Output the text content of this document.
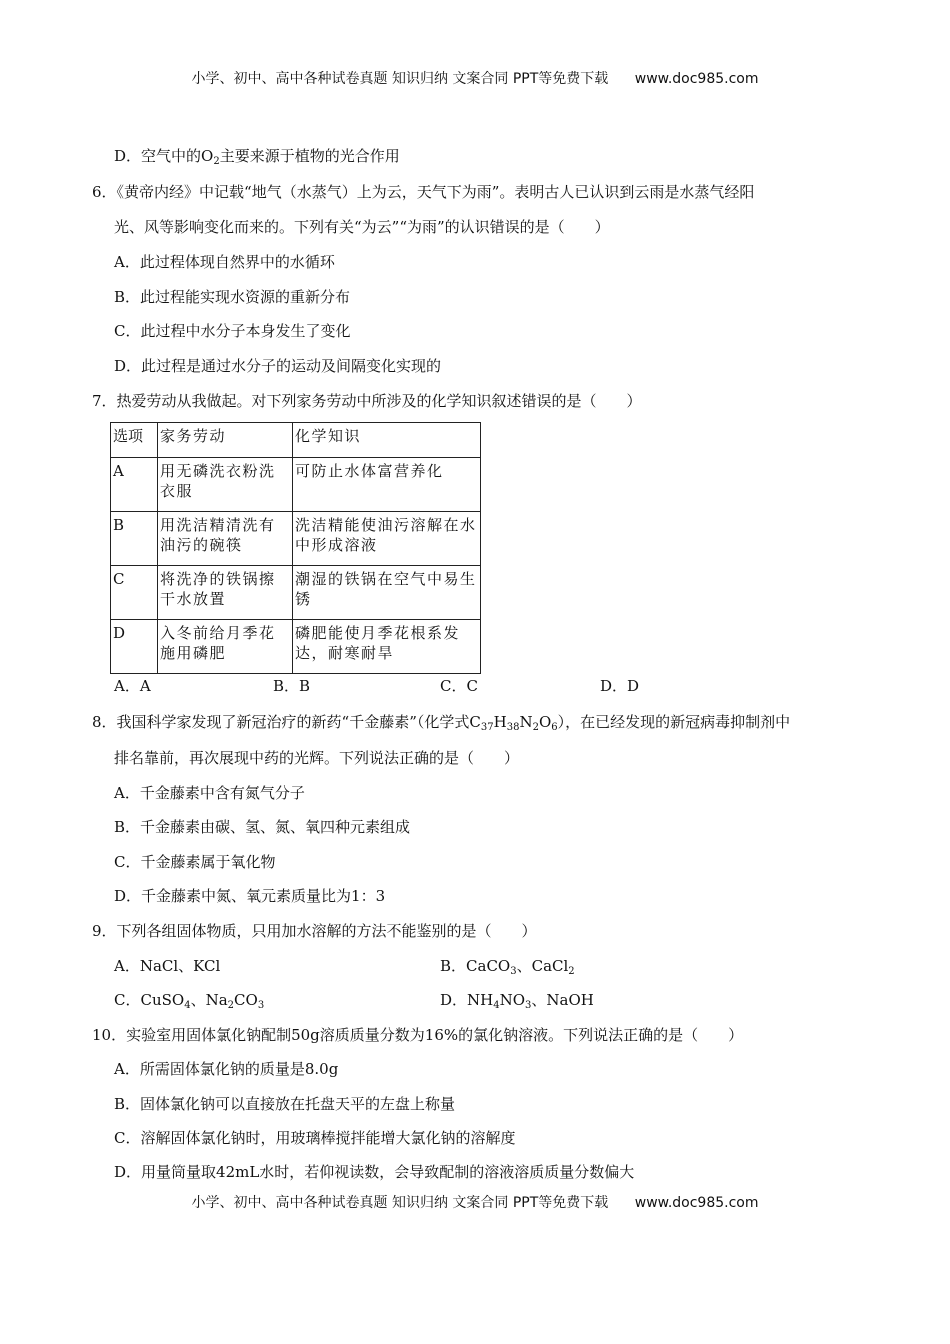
小学、初中、高中各种试卷真题 知识归纳 文案合同 PPT等免费下载 www.doc985.com
D．空气中的$O_2$主要来源于植物的光合作用
6．《黄帝内经》中记载“地气（水蒸气）上为云，天气下为雨”。表明古人已认识到云雨是水蒸气经阳
光、风等影响变化而来的。下列有关“为云”“为雨”的认识错误的是（　　）
A．此过程体现自然界中的水循环
B．此过程能实现水资源的重新分布
C．此过程中水分子本身发生了变化
D．此过程是通过水分子的运动及间隔变化实现的
7．热爱劳动从我做起。对下列家务劳动中所涉及的化学知识叙述错误的是（　　）
选项	家务劳动	化学知识
A	用无磷洗衣粉洗衣服	可防止水体富营养化
B	用洗洁精清洗有油污的碗筷	洗洁精能使油污溶解在水中形成溶液
C	将洗净的铁锅擦干水放置	潮湿的铁锅在空气中易生锈
D	入冬前给月季花施用磷肥	磷肥能使月季花根系发达，耐寒耐旱
A．A	B．B	C．C	D．D
8．我国科学家发现了新冠治疗的新药“千金藤素”（化学式$C_{37}H_{38}N_2O_6$），在已经发现的新冠病毒抑制剂中
排名靠前，再次展现中药的光辉。下列说法正确的是（　　）
A．千金藤素中含有氮气分子
B．千金藤素由碳、氢、氮、氧四种元素组成
C．千金藤素属于氧化物
D．千金藤素中氮、氧元素质量比为1：3
9．下列各组固体物质，只用加水溶解的方法不能鉴别的是（　　）
A．NaCl、KCl	B．CaCO$_3$、CaCl$_2$
C．CuSO$_4$、$Na_2CO_3$	D．$NH_4NO_3$、NaOH
10．实验室用固体氯化钠配制50g溶质质量分数为16%的氯化钠溶液。下列说法正确的是（　　）
A．所需固体氯化钠的质量是8.0g
B．固体氯化钠可以直接放在托盘天平的左盘上称量
C．溶解固体氯化钠时，用玻璃棒搅拌能增大氯化钠的溶解度
D．用量筒量取42mL水时，若仰视读数，会导致配制的溶液溶质质量分数偏大
小学、初中、高中各种试卷真题 知识归纳 文案合同 PPT等免费下载 www.doc985.com
